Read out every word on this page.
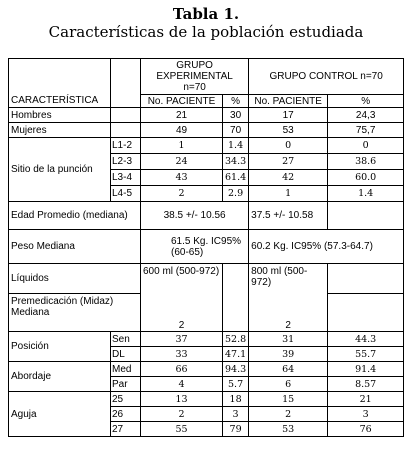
Tabla 1.
Características de la población estudiada
		GRUPO EXPERIMENTAL n=70		GRUPO CONTROL n=70	
CARACTERÍSTICA		No. PACIENTE	%	No. PACIENTE	%
Hombres		21	30	17	24,3
Mujeres		49	70	53	75,7
Sitio de la punción	L1-2	1	1.4	0	0
	L2-3	24	34.3	27	38.6
	L3-4	43	61.4	42	60.0
	L4-5	2	2.9	1	1.4
Edad Promedio (mediana)		38.5 +/- 10.56		37.5 +/- 10.58	
Peso Mediana		61.5 Kg. IC95%(60-65)		60.2 Kg. IC95% (57.3-64.7)	
Líquidos		600 ml (500-972)		800 ml (500-972)	
Premedicación (Midaz) Mediana		2		2	
Posición	Sen	37	52.8	31	44.3
	DL	33	47.1	39	55.7
Abordaje	Med	66	94.3	64	91.4
	Par	4	5.7	6	8.57
Aguja	25	13	18	15	21
	26	2	3	2	3
	27	55	79	53	76
